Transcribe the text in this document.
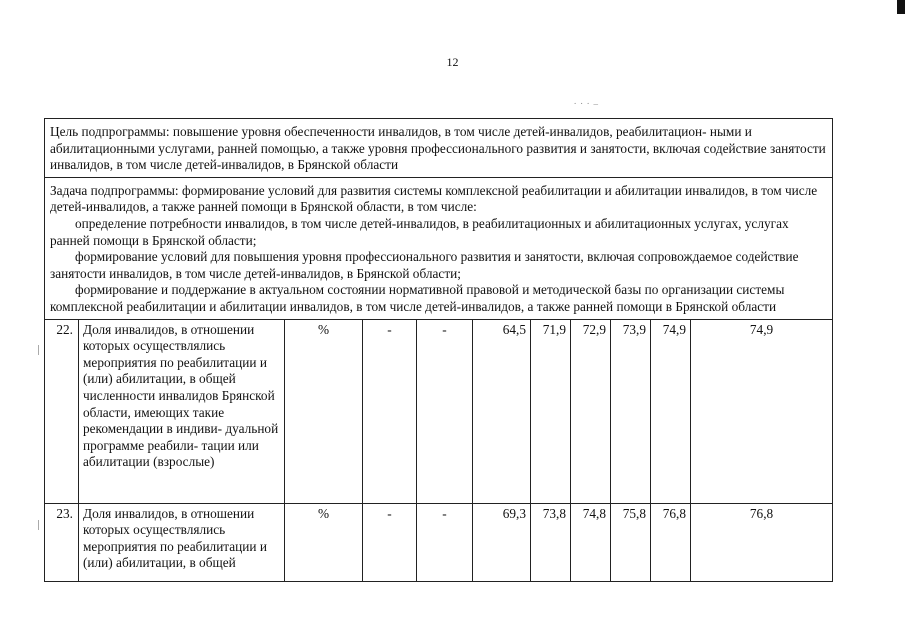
12
. . . _
Цель подпрограммы: повышение уровня обеспеченности инвалидов, в том числе детей-инвалидов, реабилитацион- ными и абилитационными услугами, ранней помощью, а также уровня профессионального развития и занятости, включая содействие занятости инвалидов, в том числе детей-инвалидов, в Брянской области										

Задача подпрограммы: формирование условий для развития системы комплексной реабилитации и абилитации инвалидов, в том числе детей-инвалидов, а также ранней помощи в Брянской области, в том числе:

определение потребности инвалидов, в том числе детей-инвалидов, в реабилитационных и абилитационных услугах, услугах ранней помощи в Брянской области;

формирование условий для повышения уровня профессионального развития и занятости, включая сопровождаемое содействие занятости инвалидов, в том числе детей-инвалидов, в Брянской области;

формирование и поддержание в актуальном состоянии нормативной правовой и методической базы по организации системы комплексной реабилитации и абилитации инвалидов, в том числе детей-инвалидов, а также ранней помощи в Брянской области										

22.	Доля инвалидов, в отношении которых осуществлялись мероприятия по реабилитации и (или) абилитации, в общей численности инвалидов Брянской области, имеющих такие рекомендации в индиви- дуальной программе реабили- тации или абилитации (взрослые)	%	-	-	64,5	71,9	72,9	73,9	74,9	74,9
23.	Доля инвалидов, в отношении которых осуществлялись мероприятия по реабилитации и (или) абилитации, в общей	%	-	-	69,3	73,8	74,8	75,8	76,8	76,8
